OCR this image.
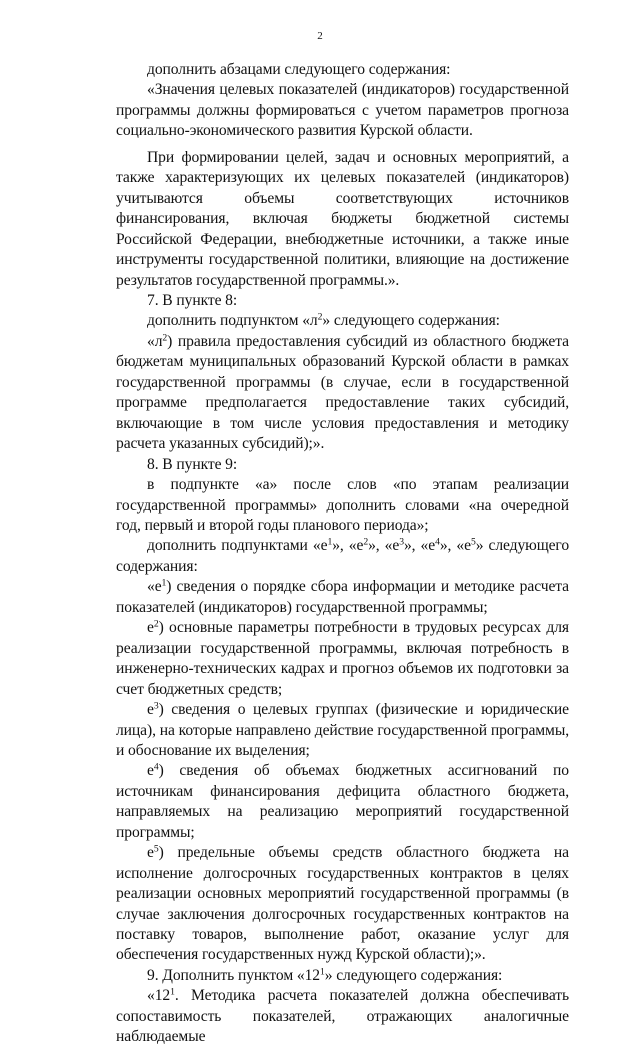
2

дополнить абзацами следующего содержания:

«Значения целевых показателей (индикаторов) государственной программы должны формироваться с учетом параметров прогноза социально-экономического развития Курской области.

При формировании целей, задач и основных мероприятий, а также характеризующих их целевых показателей (индикаторов) учитываются объемы соответствующих источников финансирования, включая бюджеты бюджетной системы Российской Федерации, внебюджетные источники, а также иные инструменты государственной политики, влияющие на достижение результатов государственной программы.».

7. В пункте 8:

дополнить подпунктом «$л^2$» следующего содержания:

«$л^2$) правила предоставления субсидий из областного бюджета бюджетам муниципальных образований Курской области в рамках государственной программы (в случае, если в государственной программе предполагается предоставление таких субсидий, включающие в том числе условия предоставления и методику расчета указанных субсидий);».

8. В пункте 9:

в подпункте «а» после слов «по этапам реализации государственной программы» дополнить словами «на очередной год, первый и второй годы планового периода»;

дополнить подпунктами «$е^1$», «$е^2$», «$е^3$», «$е^4$», «$е^5$» следующего содержания:

«$е^1$) сведения о порядке сбора информации и методике расчета показателей (индикаторов) государственной программы;

$е^2$) основные параметры потребности в трудовых ресурсах для реализации государственной программы, включая потребность в инженерно-технических кадрах и прогноз объемов их подготовки за счет бюджетных средств;

$е^3$) сведения о целевых группах (физические и юридические лица), на которые направлено действие государственной программы, и обоснование их выделения;

$е^4$) сведения об объемах бюджетных ассигнований по источникам финансирования дефицита областного бюджета, направляемых на реализацию мероприятий государственной программы;

$е^5$) предельные объемы средств областного бюджета на исполнение долгосрочных государственных контрактов в целях реализации основных мероприятий государственной программы (в случае заключения долгосрочных государственных контрактов на поставку товаров, выполнение работ, оказание услуг для обеспечения государственных нужд Курской области);».

9. Дополнить пунктом «$12^1$» следующего содержания:

«$12^1$. Методика расчета показателей должна обеспечивать сопоставимость показателей, отражающих аналогичные наблюдаемые
